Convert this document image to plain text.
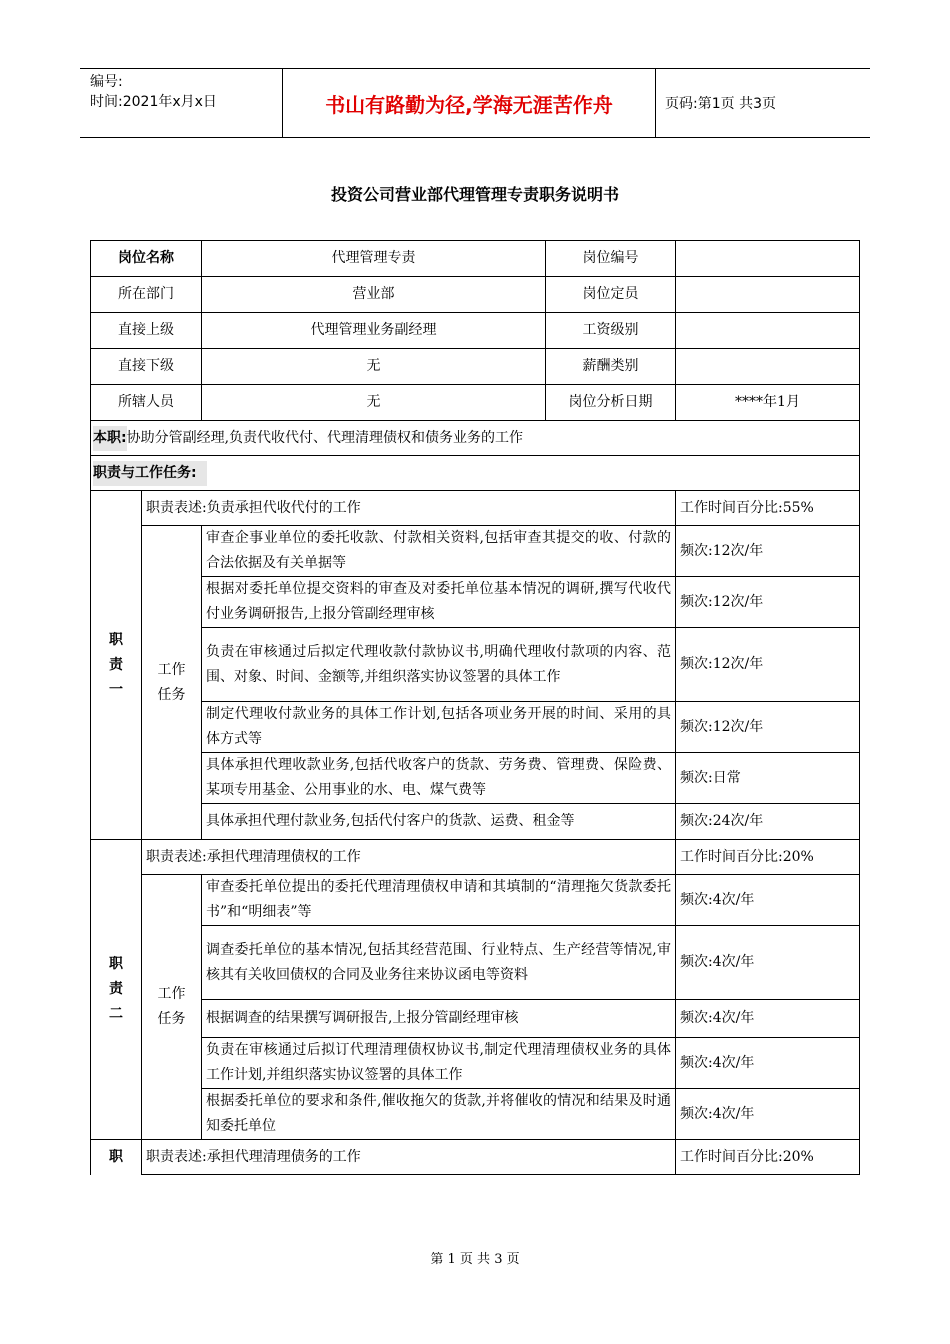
编号:
时间:2021年x月x日	书山有路勤为径,学海无涯苦作舟	页码:第1页 共3页
投资公司营业部代理管理专责职务说明书
岗位名称		代理管理专责	岗位编号	
所在部门		营业部	岗位定员	
直接上级		代理管理业务副经理	工资级别	
直接下级		无	薪酬类别	
所辖人员		无	岗位分析日期	****年1月
本职:协助分管副经理,负责代收代付、代理清理债权和债务业务的工作				
职责与工作任务:				

职
责
一	职责表述:负责承担代收代付的工作			工作时间百分比:55%

	工作
任务	审查企事业单位的委托收款、付款相关资料,包括审查其提交的收、付款的合法依据及有关单据等		频次:12次/年
		根据对委托单位提交资料的审查及对委托单位基本情况的调研,撰写代收代付业务调研报告,上报分管副经理审核		频次:12次/年
		负责在审核通过后拟定代理收款付款协议书,明确代理收付款项的内容、范围、对象、时间、金额等,并组织落实协议签署的具体工作		频次:12次/年
		制定代理收付款业务的具体工作计划,包括各项业务开展的时间、采用的具体方式等		频次:12次/年
		具体承担代理收款业务,包括代收客户的货款、劳务费、管理费、保险费、某项专用基金、公用事业的水、电、煤气费等		频次:日常
		具体承担代理付款业务,包括代付客户的货款、运费、租金等		频次:24次/年

职
责
二	职责表述:承担代理清理债权的工作			工作时间百分比:20%

	工作
任务	审查委托单位提出的委托代理清理债权申请和其填制的“清理拖欠货款委托书”和“明细表”等		频次:4次/年
		调查委托单位的基本情况,包括其经营范围、行业特点、生产经营等情况,审核其有关收回债权的合同及业务往来协议函电等资料		频次:4次/年
		根据调查的结果撰写调研报告,上报分管副经理审核		频次:4次/年
		负责在审核通过后拟订代理清理债权协议书,制定代理清理债权业务的具体工作计划,并组织落实协议签署的具体工作		频次:4次/年
		根据委托单位的要求和条件,催收拖欠的货款,并将催收的情况和结果及时通知委托单位		频次:4次/年
职	职责表述:承担代理清理债务的工作			工作时间百分比:20%
第 1 页 共 3 页
